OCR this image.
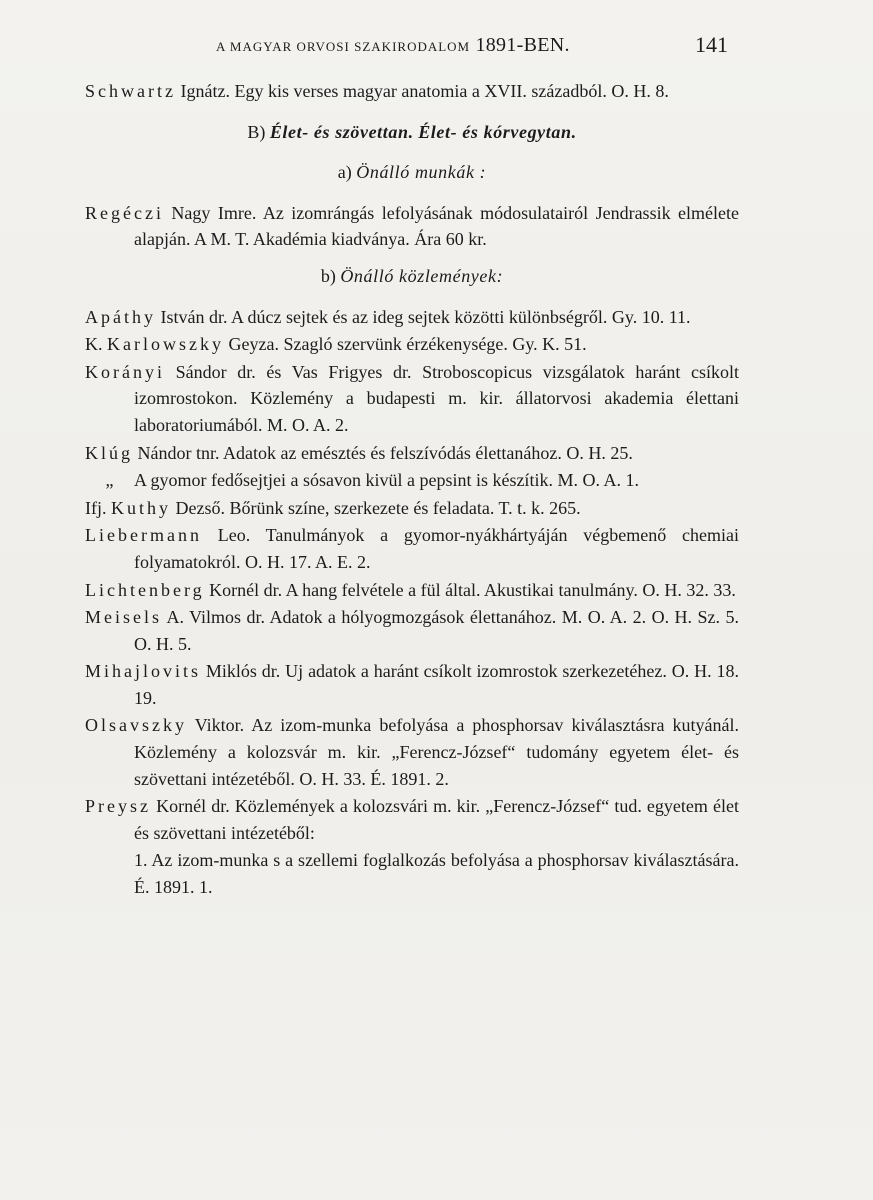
A MAGYAR ORVOSI SZAKIRODALOM 1891-BEN.	141

Schwartz Ignátz. Egy kis verses magyar anatomia a XVII. századból. O. H. 8.

B) Élet- és szövettan. Élet- és kórvegytan.
a) Önálló munkák :

Regéczi Nagy Imre. Az izomrángás lefolyásának módosulatairól Jendrassik elmélete alapján. A M. T. Akadémia kiadványa. Ára 60 kr.

b) Önálló közlemények:

Apáthy István dr. A dúcz sejtek és az ideg sejtek közötti különbségről. Gy. 10. 11.

K. Karlowszky Geyza. Szagló szervünk érzékenysége. Gy. K. 51.

Korányi Sándor dr. és Vas Frigyes dr. Stroboscopicus vizsgálatok haránt csíkolt izomrostokon. Közlemény a budapesti m. kir. állatorvosi akademia élettani laboratoriumából. M. O. A. 2.

Klúg Nándor tnr. Adatok az emésztés és felszívódás élettanához. O. H. 25.

„ A gyomor fedősejtjei a sósavon kivül a pepsint is készítik. M. O. A. 1.

Ifj. Kuthy Dezső. Bőrünk színe, szerkezete és feladata. T. t. k. 265.

Liebermann Leo. Tanulmányok a gyomor-nyákhártyáján végbemenő chemiai folyamatokról. O. H. 17. A. E. 2.

Lichtenberg Kornél dr. A hang felvétele a fül által. Akustikai tanulmány. O. H. 32. 33.

Meisels A. Vilmos dr. Adatok a hólyogmozgások élettanához. M. O. A. 2. O. H. Sz. 5. O. H. 5.

Mihajlovits Miklós dr. Uj adatok a haránt csíkolt izomrostok szerkezetéhez. O. H. 18. 19.

Olsavszky Viktor. Az izom-munka befolyása a phosphorsav kiválasztásra kutyánál. Közlemény a kolozsvár m. kir. „Ferencz-József“ tudomány egyetem élet- és szövettani intézetéből. O. H. 33. É. 1891. 2.

Preysz Kornél dr. Közlemények a kolozsvári m. kir. „Ferencz-József“ tud. egyetem élet és szövettani intézetéből:

1. Az izom-munka s a szellemi foglalkozás befolyása a phosphorsav kiválasztására. É. 1891. 1.
